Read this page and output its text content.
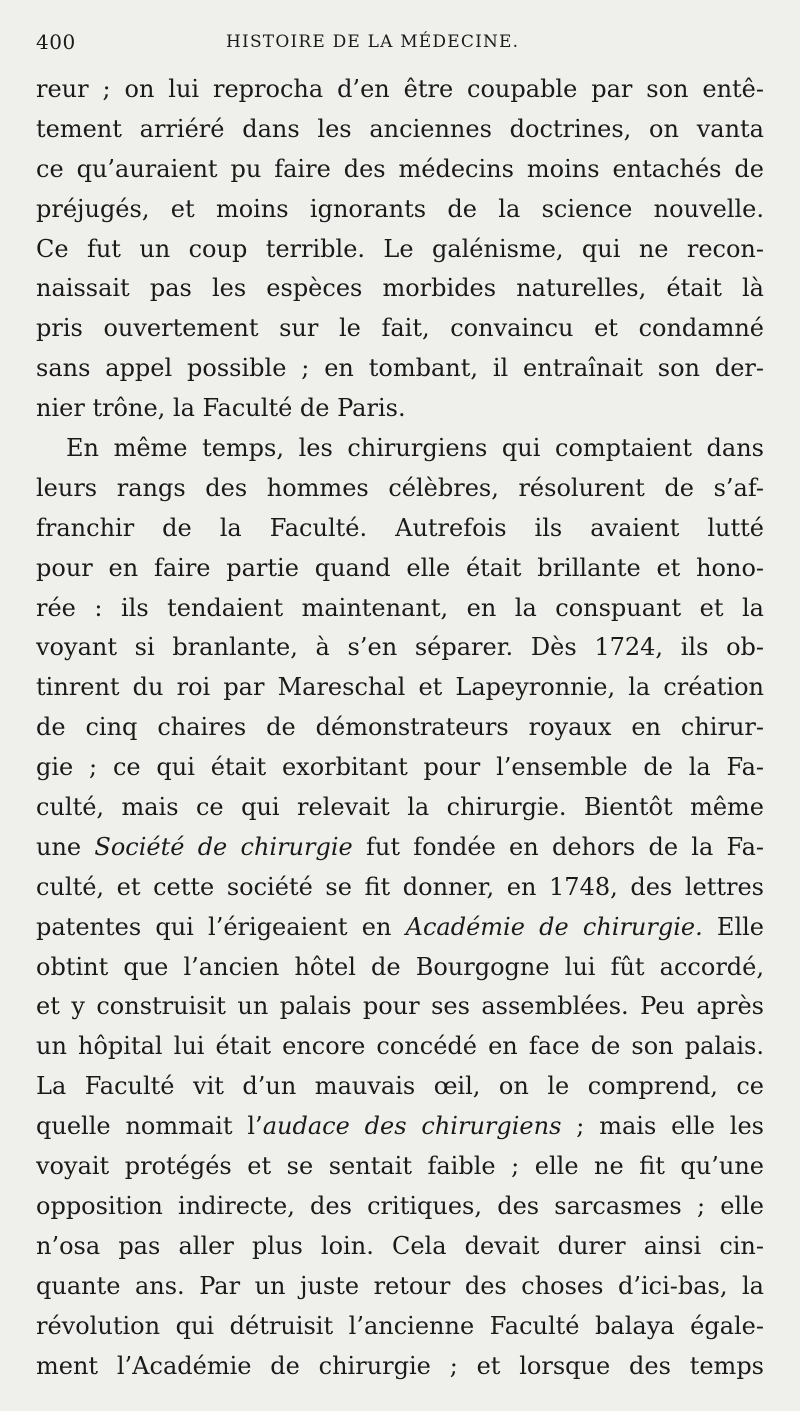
400	HISTOIRE DE LA MÉDECINE.
reur ; on lui reprocha d’en être coupable par son entê-
tement arriéré dans les anciennes doctrines, on vanta
ce qu’auraient pu faire des médecins moins entachés de
préjugés, et moins ignorants de la science nouvelle.
Ce fut un coup terrible. Le galénisme, qui ne recon-
naissait pas les espèces morbides naturelles, était là
pris ouvertement sur le fait, convaincu et condamné
sans appel possible ; en tombant, il entraînait son der-
nier trône, la Faculté de Paris.
En même temps, les chirurgiens qui comptaient dans
leurs rangs des hommes célèbres, résolurent de s’af-
franchir de la Faculté. Autrefois ils avaient lutté
pour en faire partie quand elle était brillante et hono-
rée : ils tendaient maintenant, en la conspuant et la
voyant si branlante, à s’en séparer. Dès 1724, ils ob-
tinrent du roi par Mareschal et Lapeyronnie, la création
de cinq chaires de démonstrateurs royaux en chirur-
gie ; ce qui était exorbitant pour l’ensemble de la Fa-
culté, mais ce qui relevait la chirurgie. Bientôt même
une Société de chirurgie fut fondée en dehors de la Fa-
culté, et cette société se fit donner, en 1748, des lettres
patentes qui l’érigeaient en Académie de chirurgie. Elle
obtint que l’ancien hôtel de Bourgogne lui fût accordé,
et y construisit un palais pour ses assemblées. Peu après
un hôpital lui était encore concédé en face de son palais.
La Faculté vit d’un mauvais œil, on le comprend, ce
quelle nommait l’audace des chirurgiens ; mais elle les
voyait protégés et se sentait faible ; elle ne fit qu’une
opposition indirecte, des critiques, des sarcasmes ; elle
n’osa pas aller plus loin. Cela devait durer ainsi cin-
quante ans. Par un juste retour des choses d’ici-bas, la
révolution qui détruisit l’ancienne Faculté balaya égale-
ment l’Académie de chirurgie ; et lorsque des temps
